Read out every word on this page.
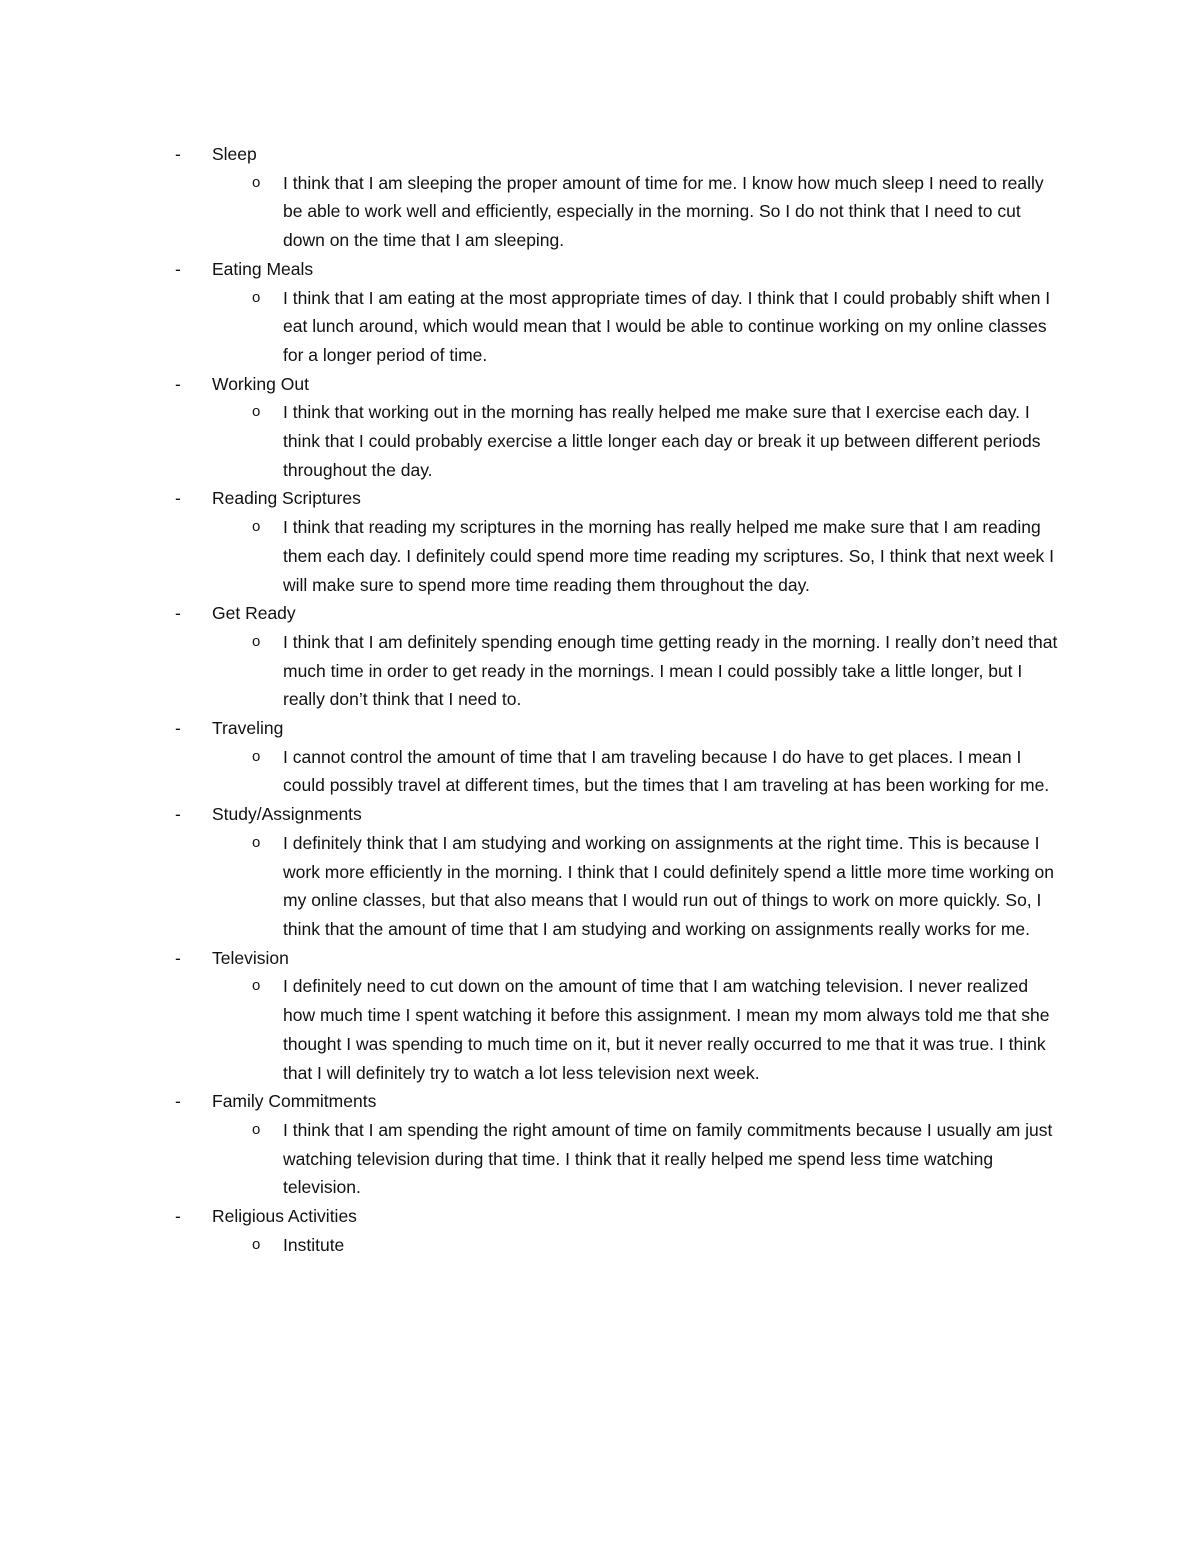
-	Sleep
o	I think that I am sleeping the proper amount of time for me. I know how much sleep I need to really be able to work well and efficiently, especially in the morning. So I do not think that I need to cut down on the time that I am sleeping.
-	Eating Meals
o	I think that I am eating at the most appropriate times of day. I think that I could probably shift when I eat lunch around, which would mean that I would be able to continue working on my online classes for a longer period of time.
-	Working Out
o	I think that working out in the morning has really helped me make sure that I exercise each day. I think that I could probably exercise a little longer each day or break it up between different periods throughout the day.
-	Reading Scriptures
o	I think that reading my scriptures in the morning has really helped me make sure that I am reading them each day. I definitely could spend more time reading my scriptures. So, I think that next week I will make sure to spend more time reading them throughout the day.
-	Get Ready
o	I think that I am definitely spending enough time getting ready in the morning. I really don’t need that much time in order to get ready in the mornings. I mean I could possibly take a little longer, but I really don’t think that I need to.
-	Traveling
o	I cannot control the amount of time that I am traveling because I do have to get places. I mean I could possibly travel at different times, but the times that I am traveling at has been working for me.
-	Study/Assignments
o	I definitely think that I am studying and working on assignments at the right time. This is because I work more efficiently in the morning. I think that I could definitely spend a little more time working on my online classes, but that also means that I would run out of things to work on more quickly. So, I think that the amount of time that I am studying and working on assignments really works for me.
-	Television
o	I definitely need to cut down on the amount of time that I am watching television. I never realized how much time I spent watching it before this assignment. I mean my mom always told me that she thought I was spending to much time on it, but it never really occurred to me that it was true. I think that I will definitely try to watch a lot less television next week.
-	Family Commitments
o	I think that I am spending the right amount of time on family commitments because I usually am just watching television during that time. I think that it really helped me spend less time watching television.
-	Religious Activities
o	Institute
